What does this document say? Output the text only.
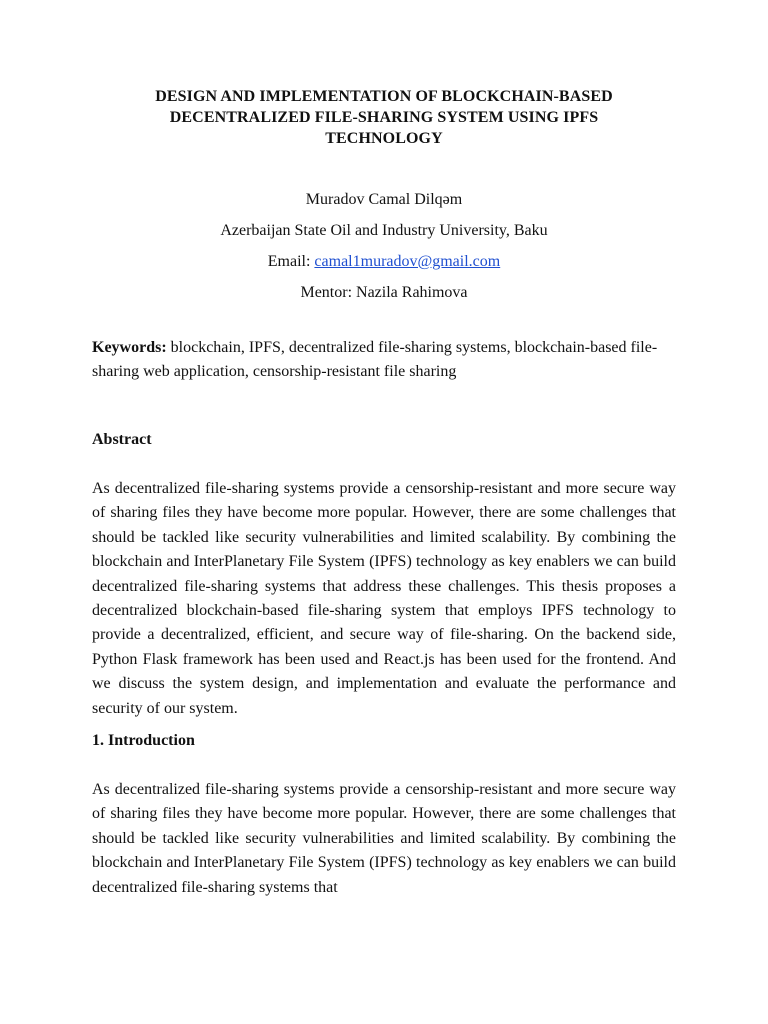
DESIGN AND IMPLEMENTATION OF BLOCKCHAIN-BASED
DECENTRALIZED FILE-SHARING SYSTEM USING IPFS
TECHNOLOGY
Muradov Camal Dilqəm
Azerbaijan State Oil and Industry University, Baku
Email: camal1muradov@gmail.com
Mentor: Nazila Rahimova
Keywords: blockchain, IPFS, decentralized file-sharing systems, blockchain-based file-sharing web application, censorship-resistant file sharing
Abstract
As decentralized file-sharing systems provide a censorship-resistant and more secure way of sharing files they have become more popular. However, there are some challenges that should be tackled like security vulnerabilities and limited scalability. By combining the blockchain and InterPlanetary File System (IPFS) technology as key enablers we can build decentralized file-sharing systems that address these challenges. This thesis proposes a decentralized blockchain-based file-sharing system that employs IPFS technology to provide a decentralized, efficient, and secure way of file-sharing. On the backend side, Python Flask framework has been used and React.js has been used for the frontend. And we discuss the system design, and implementation and evaluate the performance and security of our system.
1. Introduction
As decentralized file-sharing systems provide a censorship-resistant and more secure way of sharing files they have become more popular. However, there are some challenges that should be tackled like security vulnerabilities and limited scalability. By combining the blockchain and InterPlanetary File System (IPFS) technology as key enablers we can build decentralized file-sharing systems that
